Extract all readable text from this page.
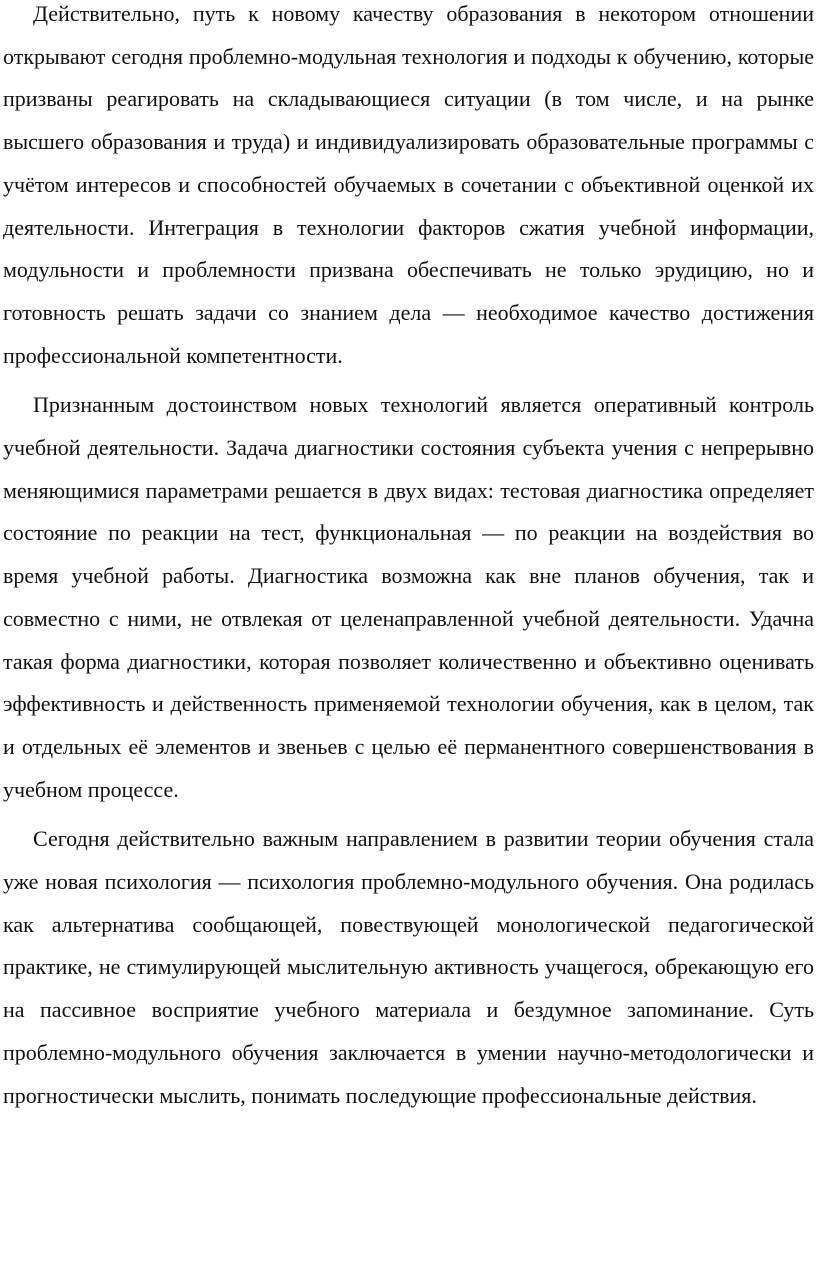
Действительно, путь к новому качеству образования в некотором отношении открывают сегодня проблемно-модульная технология и подходы к обучению, которые призваны реагировать на складывающиеся ситуации (в том числе, и на рынке высшего образования и труда) и индивидуализировать образовательные программы с учётом интересов и способностей обучаемых в сочетании с объективной оценкой их деятельности. Интеграция в технологии факторов сжатия учебной информации, модульности и проблемности призвана обеспечивать не только эрудицию, но и готовность решать задачи со знанием дела — необходимое качество достижения профессиональной компетентности.

Признанным достоинством новых технологий является оперативный контроль учебной деятельности. Задача диагностики состояния субъекта учения с непрерывно меняющимися параметрами решается в двух видах: тестовая диагностика определяет состояние по реакции на тест, функциональная — по реакции на воздействия во время учебной работы. Диагностика возможна как вне планов обучения, так и совместно с ними, не отвлекая от целенаправленной учебной деятельности. Удачна такая форма диагностики, которая позволяет количественно и объективно оценивать эффективность и действенность применяемой технологии обучения, как в целом, так и отдельных её элементов и звеньев с целью её перманентного совершенствования в учебном процессе.

Сегодня действительно важным направлением в развитии теории обучения стала уже новая психология — психология проблемно-модульного обучения. Она родилась как альтернатива сообщающей, повествующей монологической педагогической практике, не стимулирующей мыслительную активность учащегося, обрекающую его на пассивное восприятие учебного материала и бездумное запоминание. Суть проблемно-модульного обучения заключается в умении научно-методологически и прогностически мыслить, понимать последующие профессиональные действия.
